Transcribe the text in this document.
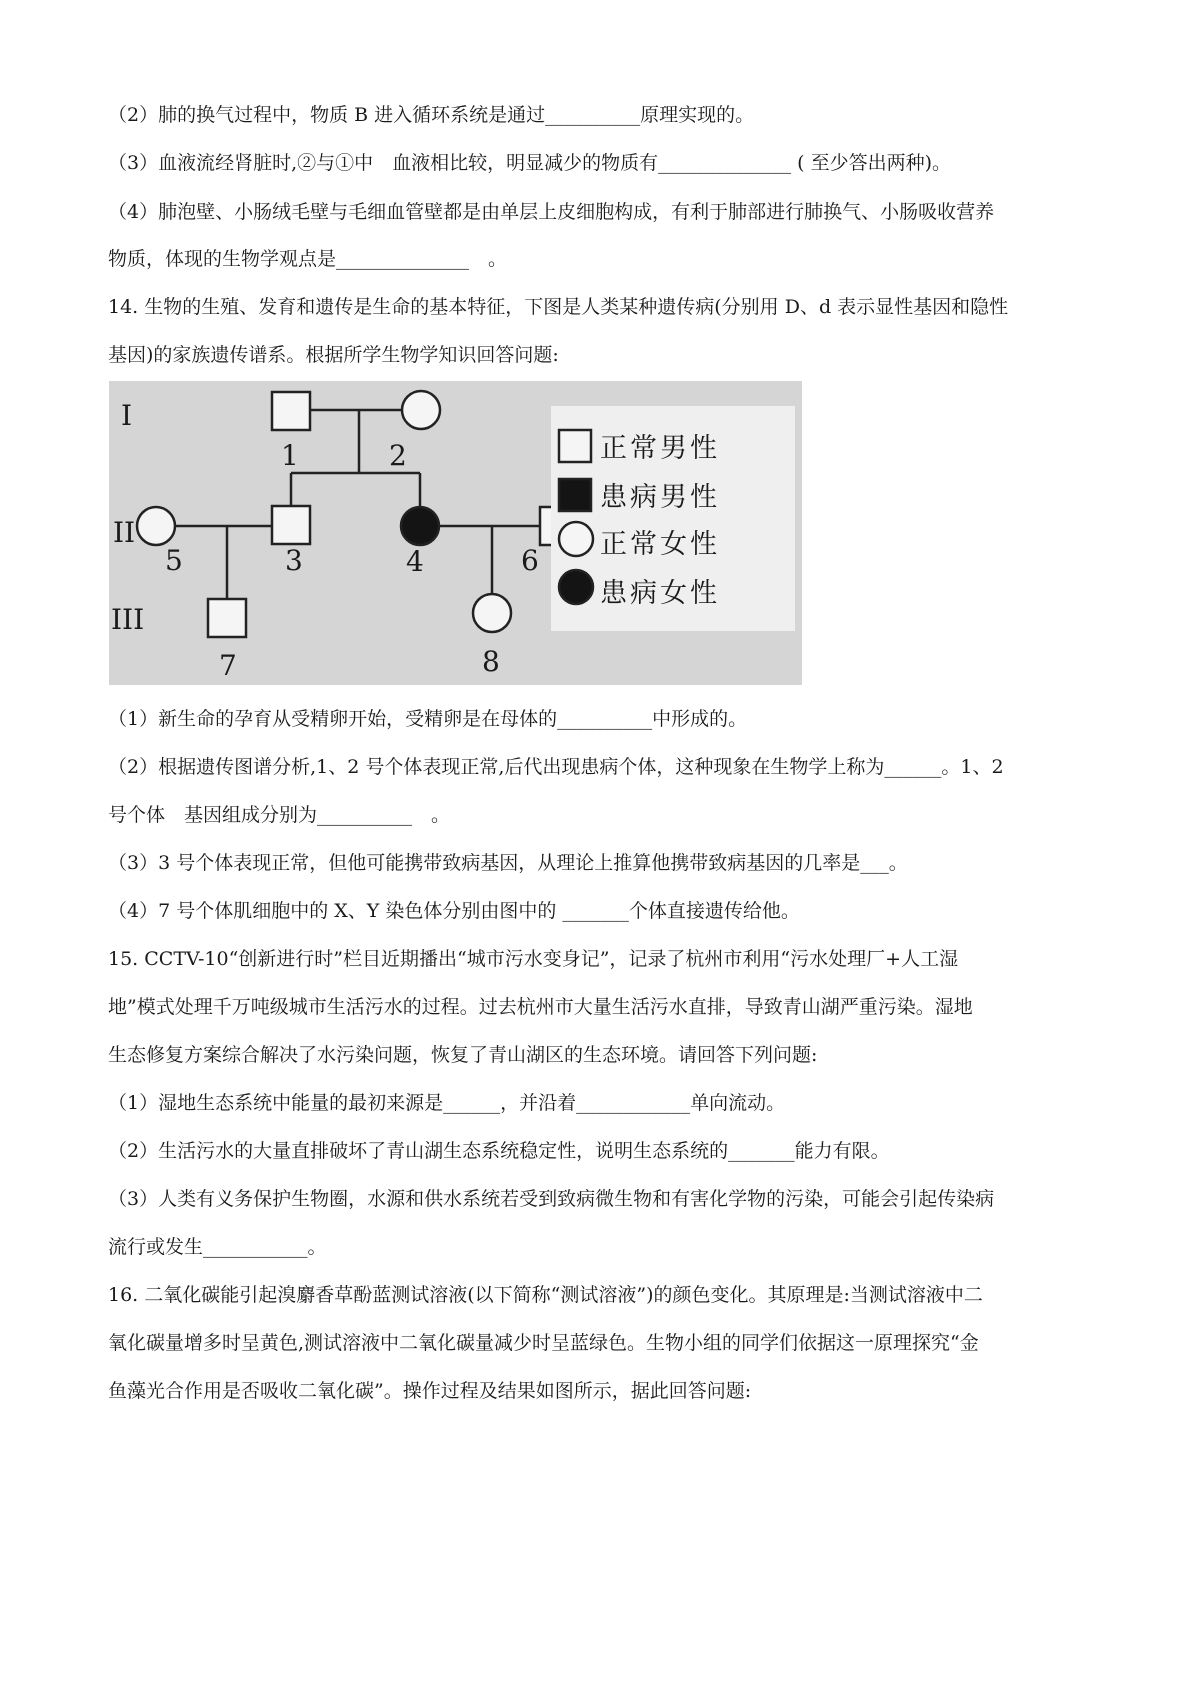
（2）肺的换气过程中，物质 B 进入循环系统是通过__________原理实现的。
（3）血液流经肾脏时,②与①中　血液相比较，明显减少的物质有______________ ( 至少答出两种)。
（4）肺泡壁、小肠绒毛壁与毛细血管壁都是由单层上皮细胞构成，有利于肺部进行肺换气、小肠吸收营养
物质，体现的生物学观点是______________　。
14. 生物的生殖、发育和遗传是生命的基本特征，下图是人类某种遗传病(分别用 D、d 表示显性基因和隐性
基因)的家族遗传谱系。根据所学生物学知识回答问题:
I
II
III
1	2
3	4
5	6
7	8
正常男性
患病男性
正常女性
患病女性
（1）新生命的孕育从受精卵开始，受精卵是在母体的__________中形成的。
（2）根据遗传图谱分析,1、2 号个体表现正常,后代出现患病个体，这种现象在生物学上称为______。1、2
号个体　基因组成分别为__________　。
（3）3 号个体表现正常，但他可能携带致病基因，从理论上推算他携带致病基因的几率是___。
（4）7 号个体肌细胞中的 X、Y 染色体分别由图中的 _______个体直接遗传给他。
15. CCTV-10“创新进行时”栏目近期播出“城市污水变身记”，记录了杭州市利用“污水处理厂+人工湿
地”模式处理千万吨级城市生活污水的过程。过去杭州市大量生活污水直排，导致青山湖严重污染。湿地
生态修复方案综合解决了水污染问题，恢复了青山湖区的生态环境。请回答下列问题:
（1）湿地生态系统中能量的最初来源是______，并沿着____________单向流动。
（2）生活污水的大量直排破坏了青山湖生态系统稳定性，说明生态系统的_______能力有限。
（3）人类有义务保护生物圈，水源和供水系统若受到致病微生物和有害化学物的污染，可能会引起传染病
流行或发生___________。
16. 二氧化碳能引起溴麝香草酚蓝测试溶液(以下简称“测试溶液”)的颜色变化。其原理是:当测试溶液中二
氧化碳量增多时呈黄色,测试溶液中二氧化碳量减少时呈蓝绿色。生物小组的同学们依据这一原理探究“金
鱼藻光合作用是否吸收二氧化碳”。操作过程及结果如图所示，据此回答问题:
